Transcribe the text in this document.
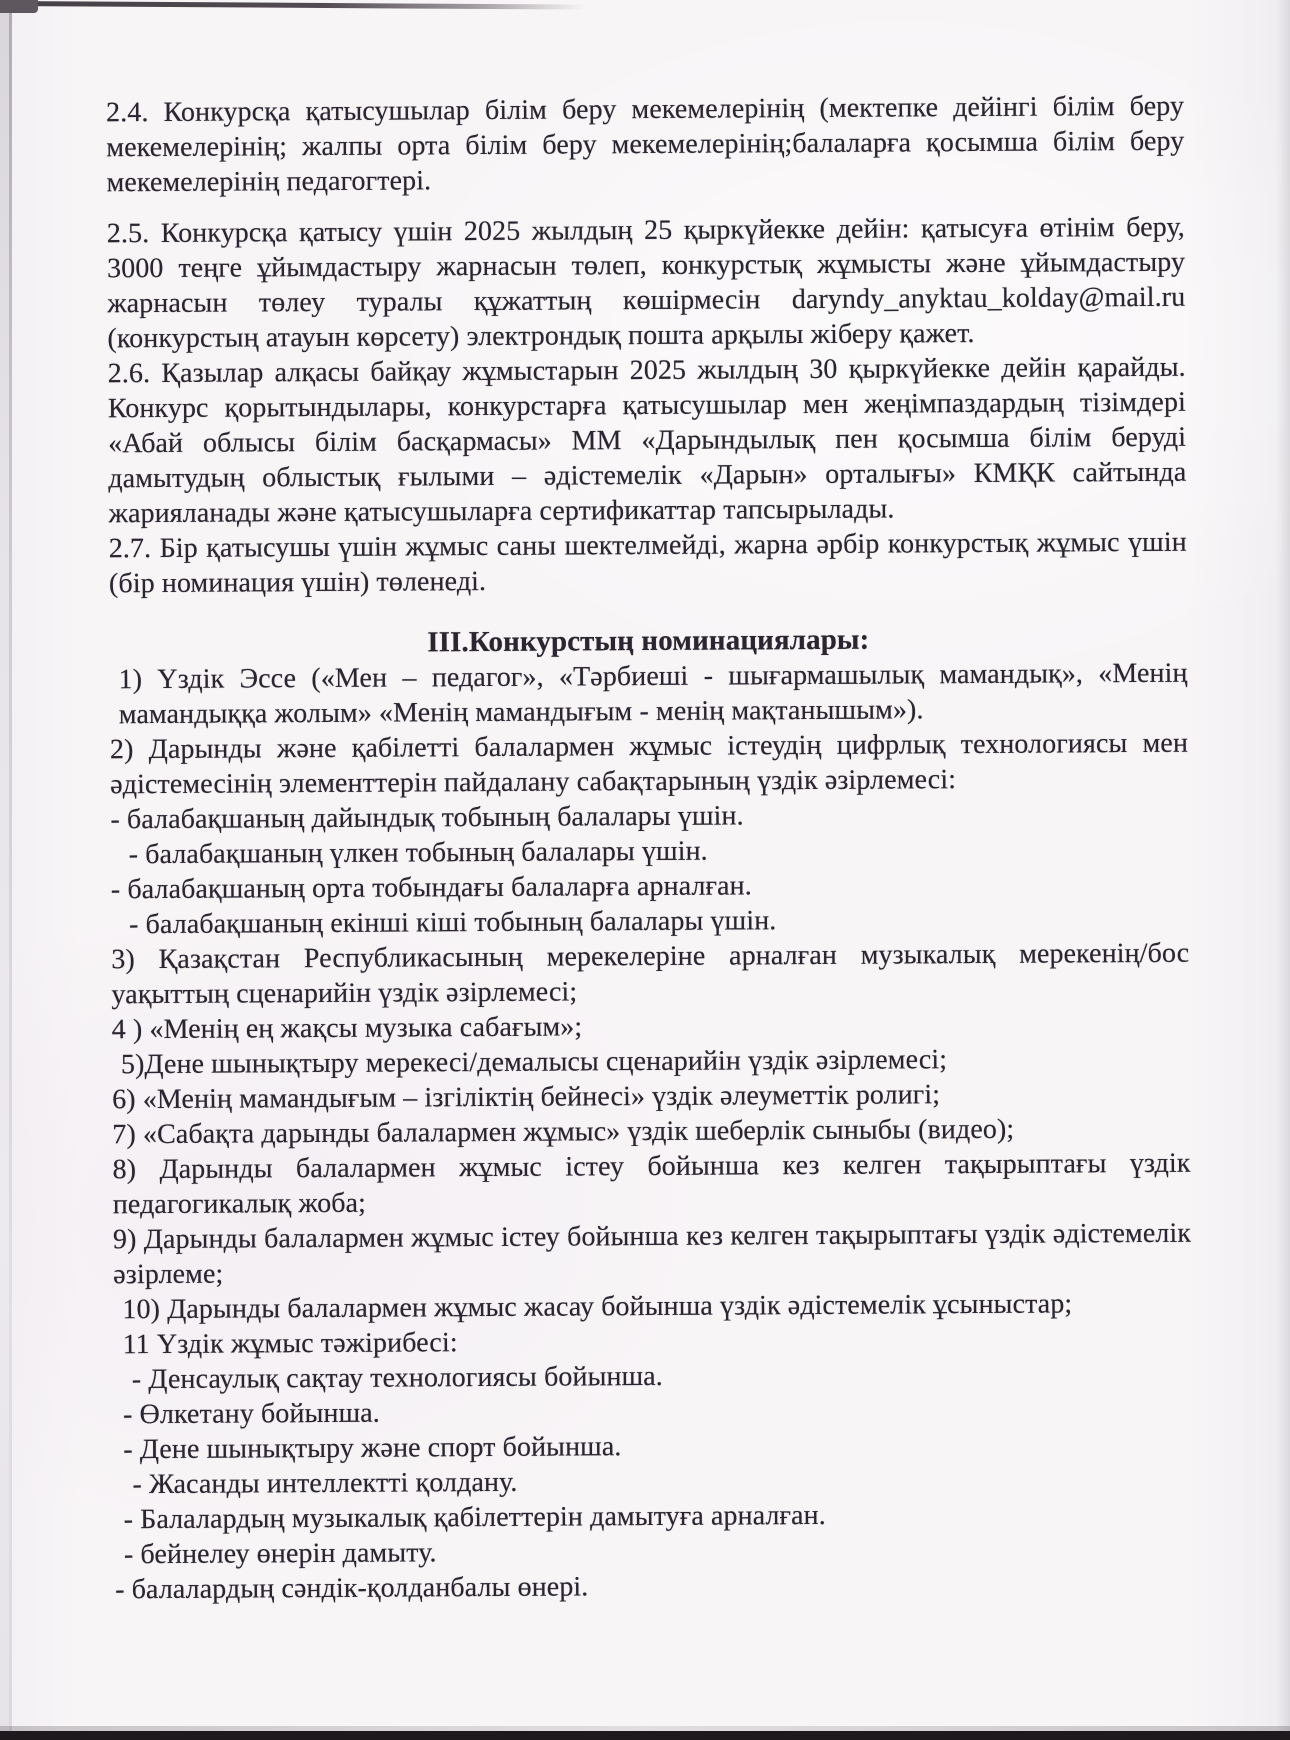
2.4. Конкурсқа қатысушылар білім беру мекемелерінің (мектепке дейінгі білім беру мекемелерінің; жалпы орта білім беру мекемелерінің;балаларға қосымша білім беру мекемелерінің педагогтері.

2.5. Конкурсқа қатысу үшін 2025 жылдың 25 қыркүйекке дейін: қатысуға өтінім беру, 3000 теңге ұйымдастыру жарнасын төлеп, конкурстық жұмысты және ұйымдастыру жарнасын төлеу туралы құжаттың көшірмесін daryndy_anyktau_kolday@mail.ru (конкурстың атауын көрсету) электрондық пошта арқылы жіберу қажет.

2.6. Қазылар алқасы байқау жұмыстарын 2025 жылдың 30 қыркүйекке дейін қарайды. Конкурс қорытындылары, конкурстарға қатысушылар мен жеңімпаздардың тізімдері «Абай облысы білім басқармасы» ММ «Дарындылық пен қосымша білім беруді дамытудың облыстық ғылыми – әдістемелік «Дарын» орталығы» КМҚК сайтында жарияланады және қатысушыларға сертификаттар тапсырылады.

2.7. Бір қатысушы үшін жұмыс саны шектелмейді, жарна әрбір конкурстық жұмыс үшін (бір номинация үшін) төленеді.

III.Конкурстың номинациялары:
1) Үздік Эссе («Мен – педагог», «Тәрбиеші - шығармашылық мамандық», «Менің мамандыққа жолым» «Менің мамандығым - менің мақтанышым»).
2) Дарынды және қабілетті балалармен жұмыс істеудің цифрлық технологиясы мен әдістемесінің элементтерін пайдалану сабақтарының үздік әзірлемесі:
- балабақшаның дайындық тобының балалары үшін.
- балабақшаның үлкен тобының балалары үшін.
- балабақшаның орта тобындағы балаларға арналған.
- балабақшаның екінші кіші тобының балалары үшін.
3) Қазақстан Республикасының мерекелеріне арналған музыкалық мерекенің/бос уақыттың сценарийін үздік әзірлемесі;
4 ) «Менің ең жақсы музыка сабағым»;
5)Дене шынықтыру мерекесі/демалысы сценарийін үздік әзірлемесі;
6) «Менің мамандығым – ізгіліктің бейнесі» үздік әлеуметтік ролигі;
7) «Сабақта дарынды балалармен жұмыс» үздік шеберлік сыныбы (видео);
8) Дарынды балалармен жұмыс істеу бойынша кез келген тақырыптағы үздік педагогикалық жоба;
9) Дарынды балалармен жұмыс істеу бойынша кез келген тақырыптағы үздік әдістемелік әзірлеме;
10) Дарынды балалармен жұмыс жасау бойынша үздік әдістемелік ұсыныстар;
11 Үздік жұмыс тәжірибесі:
- Денсаулық сақтау технологиясы бойынша.
- Өлкетану бойынша.
- Дене шынықтыру және спорт бойынша.
- Жасанды интеллектті қолдану.
- Балалардың музыкалық қабілеттерін дамытуға арналған.
- бейнелеу өнерін дамыту.
- балалардың сәндік-қолданбалы өнері.
